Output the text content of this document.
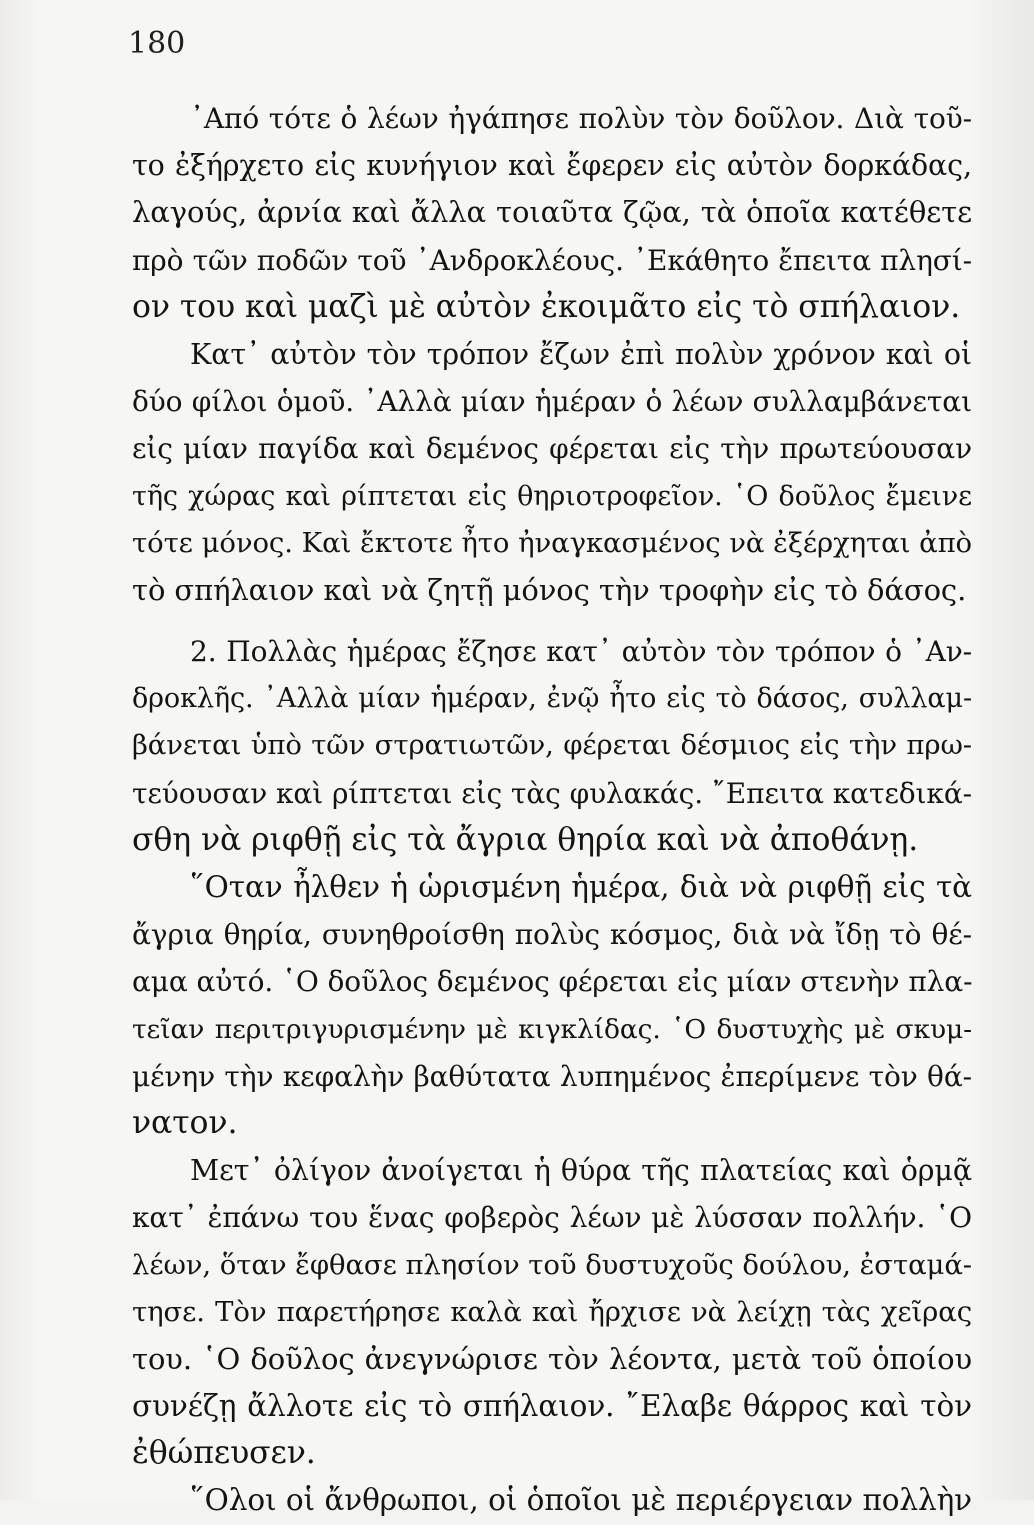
180
᾿Από τότε ὁ λέων ἠγάπησε πολὺν τὸν δοῦλον. Διὰ τοῦ-
το ἐξήρχετο εἰς κυνήγιον καὶ ἔφερεν εἰς αὐτὸν δορκάδας,
λαγούς, ἀρνία καὶ ἄλλα τοιαῦτα ζῷα, τὰ ὁποῖα κατέθετε
πρὸ τῶν ποδῶν τοῦ ᾿Ανδροκλέους. ᾿Εκάθητο ἔπειτα πλησί-
ον του καὶ μαζὶ μὲ αὐτὸν ἐκοιμᾶτο εἰς τὸ σπήλαιον.
Κατ᾿ αὐτὸν τὸν τρόπον ἔζων ἐπὶ πολὺν χρόνον καὶ οἱ
δύο φίλοι ὁμοῦ. ᾿Αλλὰ μίαν ἡμέραν ὁ λέων συλλαμβάνεται
εἰς μίαν παγίδα καὶ δεμένος φέρεται εἰς τὴν πρωτεύουσαν
τῆς χώρας καὶ ρίπτεται εἰς θηριοτροφεῖον. ῾Ο δοῦλος ἔμεινε
τότε μόνος. Καὶ ἔκτοτε ἦτο ἠναγκασμένος νὰ ἐξέρχηται ἀπὸ
τὸ σπήλαιον καὶ νὰ ζητῇ μόνος τὴν τροφὴν εἰς τὸ δάσος.
2. Πολλὰς ἡμέρας ἔζησε κατ᾿ αὐτὸν τὸν τρόπον ὁ ᾿Αν-
δροκλῆς. ᾿Αλλὰ μίαν ἡμέραν, ἐνῷ ἦτο εἰς τὸ δάσος, συλλαμ-
βάνεται ὑπὸ τῶν στρατιωτῶν, φέρεται δέσμιος εἰς τὴν πρω-
τεύουσαν καὶ ρίπτεται εἰς τὰς φυλακάς. ῎Επειτα κατεδικά-
σθη νὰ ριφθῇ εἰς τὰ ἄγρια θηρία καὶ νὰ ἀποθάνῃ.
῞Οταν ἦλθεν ἡ ὡρισμένη ἡμέρα, διὰ νὰ ριφθῇ εἰς τὰ
ἄγρια θηρία, συνηθροίσθη πολὺς κόσμος, διὰ νὰ ἴδῃ τὸ θέ-
αμα αὐτό. ῾Ο δοῦλος δεμένος φέρεται εἰς μίαν στενὴν πλα-
τεῖαν περιτριγυρισμένην μὲ κιγκλίδας. ῾Ο δυστυχὴς μὲ σκυμ-
μένην τὴν κεφαλὴν βαθύτατα λυπημένος ἐπερίμενε τὸν θά-
νατον.
Μετ᾿ ὀλίγον ἀνοίγεται ἡ θύρα τῆς πλατείας καὶ ὁρμᾷ
κατ᾿ ἐπάνω του ἕνας φοβερὸς λέων μὲ λύσσαν πολλήν. ῾Ο
λέων, ὅταν ἔφθασε πλησίον τοῦ δυστυχοῦς δούλου, ἐσταμά-
τησε. Τὸν παρετήρησε καλὰ καὶ ἤρχισε νὰ λείχῃ τὰς χεῖρας
του. ῾Ο δοῦλος ἀνεγνώρισε τὸν λέοντα, μετὰ τοῦ ὁποίου
συνέζῃ ἄλλοτε εἰς τὸ σπήλαιον. ῎Ελαβε θάρρος καὶ τὸν
ἐθώπευσεν.
῞Ολοι οἱ ἄνθρωποι, οἱ ὁποῖοι μὲ περιέργειαν πολλὴν
